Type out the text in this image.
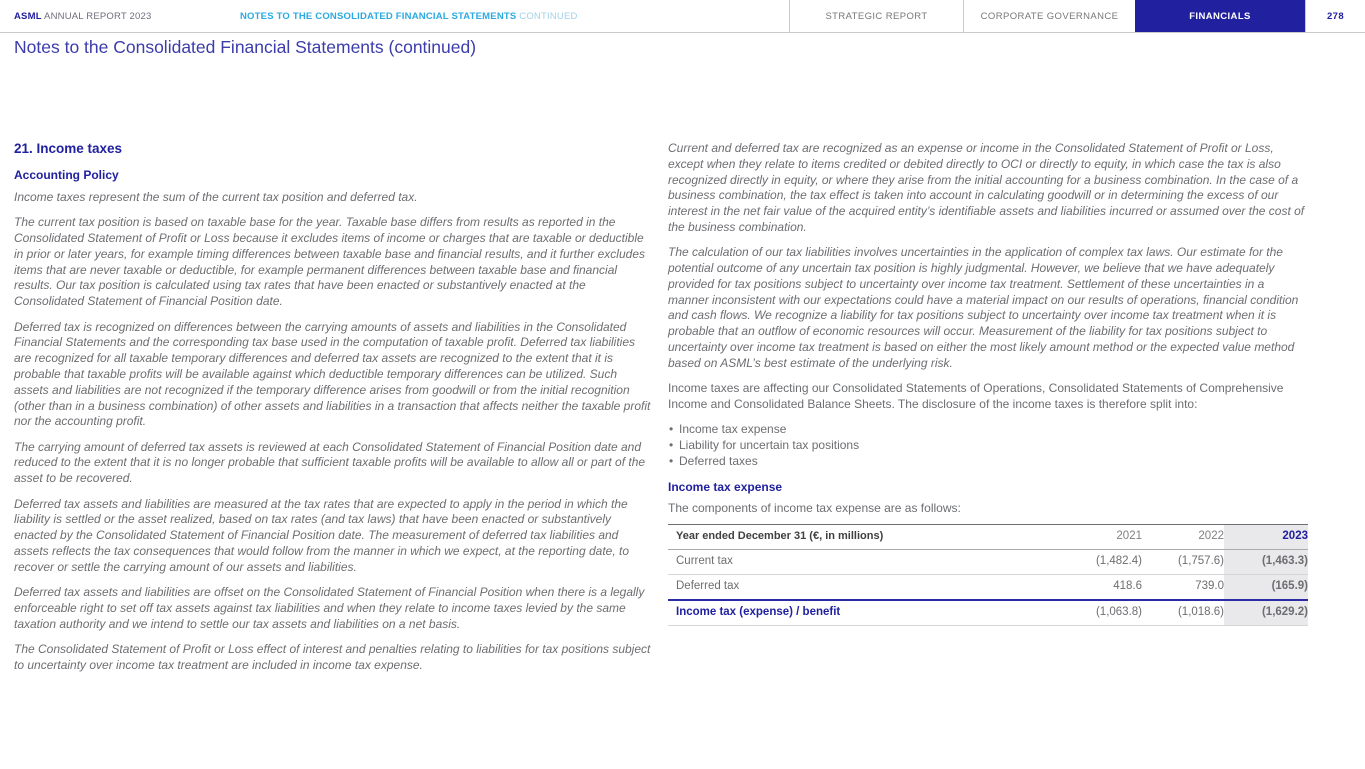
ASML ANNUAL REPORT 2023	NOTES TO THE CONSOLIDATED FINANCIAL STATEMENTS CONTINUED	STRATEGIC REPORT	CORPORATE GOVERNANCE	FINANCIALS	278
Notes to the Consolidated Financial Statements (continued)
21. Income taxes
Accounting Policy

Income taxes represent the sum of the current tax position and deferred tax.

The current tax position is based on taxable base for the year. Taxable base differs from results as reported in the Consolidated Statement of Profit or Loss because it excludes items of income or charges that are taxable or deductible in prior or later years, for example timing differences between taxable base and financial results, and it further excludes items that are never taxable or deductible, for example permanent differences between taxable base and financial results. Our tax position is calculated using tax rates that have been enacted or substantively enacted at the Consolidated Statement of Financial Position date.

Deferred tax is recognized on differences between the carrying amounts of assets and liabilities in the Consolidated Financial Statements and the corresponding tax base used in the computation of taxable profit. Deferred tax liabilities are recognized for all taxable temporary differences and deferred tax assets are recognized to the extent that it is probable that taxable profits will be available against which deductible temporary differences can be utilized. Such assets and liabilities are not recognized if the temporary difference arises from goodwill or from the initial recognition (other than in a business combination) of other assets and liabilities in a transaction that affects neither the taxable profit nor the accounting profit.

The carrying amount of deferred tax assets is reviewed at each Consolidated Statement of Financial Position date and reduced to the extent that it is no longer probable that sufficient taxable profits will be available to allow all or part of the asset to be recovered.

Deferred tax assets and liabilities are measured at the tax rates that are expected to apply in the period in which the liability is settled or the asset realized, based on tax rates (and tax laws) that have been enacted or substantively enacted by the Consolidated Statement of Financial Position date. The measurement of deferred tax liabilities and assets reflects the tax consequences that would follow from the manner in which we expect, at the reporting date, to recover or settle the carrying amount of our assets and liabilities.

Deferred tax assets and liabilities are offset on the Consolidated Statement of Financial Position when there is a legally enforceable right to set off tax assets against tax liabilities and when they relate to income taxes levied by the same taxation authority and we intend to settle our tax assets and liabilities on a net basis.

The Consolidated Statement of Profit or Loss effect of interest and penalties relating to liabilities for tax positions subject to uncertainty over income tax treatment are included in income tax expense.

Current and deferred tax are recognized as an expense or income in the Consolidated Statement of Profit or Loss, except when they relate to items credited or debited directly to OCI or directly to equity, in which case the tax is also recognized directly in equity, or where they arise from the initial accounting for a business combination. In the case of a business combination, the tax effect is taken into account in calculating goodwill or in determining the excess of our interest in the net fair value of the acquired entity’s identifiable assets and liabilities incurred or assumed over the cost of the business combination.

The calculation of our tax liabilities involves uncertainties in the application of complex tax laws. Our estimate for the potential outcome of any uncertain tax position is highly judgmental. However, we believe that we have adequately provided for tax positions subject to uncertainty over income tax treatment. Settlement of these uncertainties in a manner inconsistent with our expectations could have a material impact on our results of operations, financial condition and cash flows. We recognize a liability for tax positions subject to uncertainty over income tax treatment when it is probable that an outflow of economic resources will occur. Measurement of the liability for tax positions subject to uncertainty over income tax treatment is based on either the most likely amount method or the expected value method based on ASML’s best estimate of the underlying risk.

Income taxes are affecting our Consolidated Statements of Operations, Consolidated Statements of Comprehensive Income and Consolidated Balance Sheets. The disclosure of the income taxes is therefore split into:

• Income tax expense
• Liability for uncertain tax positions
• Deferred taxes
Income tax expense

The components of income tax expense are as follows:

Year ended December 31 (€, in millions)	2021	2022	2023
Current tax	(1,482.4)	(1,757.6)	(1,463.3)
Deferred tax	418.6	739.0	(165.9)
Income tax (expense) / benefit	(1,063.8)	(1,018.6)	(1,629.2)
